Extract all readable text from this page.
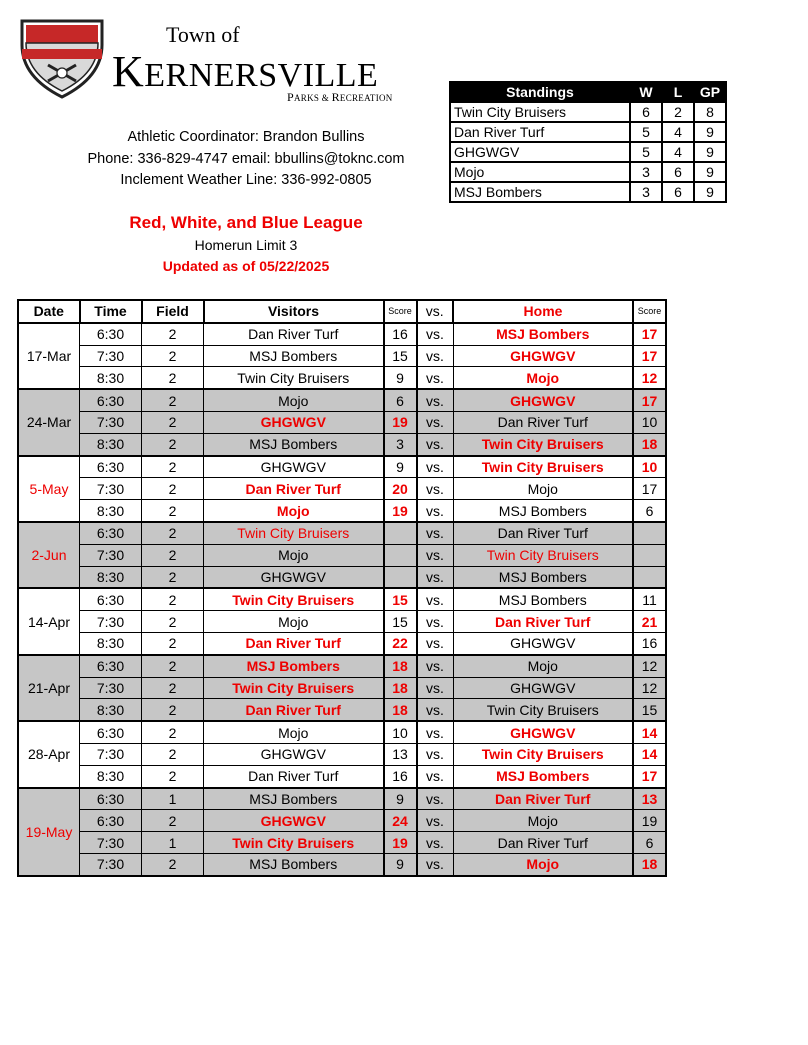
Town of
KERNERSVILLE
PARKS & RECREATION
Athletic Coordinator: Brandon Bullins
Phone: 336-829-4747 email: bbullins@toknc.com
Inclement Weather Line: 336-992-0805
Red, White, and Blue League
Homerun Limit 3
Updated as of 05/22/2025
Standings	W	L	GP
Twin City Bruisers	6	2	8
Dan River Turf	5	4	9
GHGWGV	5	4	9
Mojo	3	6	9
MSJ Bombers	3	6	9
Date	Time	Field	Visitors	Score	vs.	Home	Score
17-Mar	6:30	2	Dan River Turf	16	vs.	MSJ Bombers	17
	7:30	2	MSJ Bombers	15	vs.	GHGWGV	17
	8:30	2	Twin City Bruisers	9	vs.	Mojo	12
24-Mar	6:30	2	Mojo	6	vs.	GHGWGV	17
	7:30	2	GHGWGV	19	vs.	Dan River Turf	10
	8:30	2	MSJ Bombers	3	vs.	Twin City Bruisers	18
5-May	6:30	2	GHGWGV	9	vs.	Twin City Bruisers	10
	7:30	2	Dan River Turf	20	vs.	Mojo	17
	8:30	2	Mojo	19	vs.	MSJ Bombers	6
2-Jun	6:30	2	Twin City Bruisers		vs.	Dan River Turf	
	7:30	2	Mojo		vs.	Twin City Bruisers	
	8:30	2	GHGWGV		vs.	MSJ Bombers	
14-Apr	6:30	2	Twin City Bruisers	15	vs.	MSJ Bombers	11
	7:30	2	Mojo	15	vs.	Dan River Turf	21
	8:30	2	Dan River Turf	22	vs.	GHGWGV	16
21-Apr	6:30	2	MSJ Bombers	18	vs.	Mojo	12
	7:30	2	Twin City Bruisers	18	vs.	GHGWGV	12
	8:30	2	Dan River Turf	18	vs.	Twin City Bruisers	15
28-Apr	6:30	2	Mojo	10	vs.	GHGWGV	14
	7:30	2	GHGWGV	13	vs.	Twin City Bruisers	14
	8:30	2	Dan River Turf	16	vs.	MSJ Bombers	17
19-May	6:30	1	MSJ Bombers	9	vs.	Dan River Turf	13
	6:30	2	GHGWGV	24	vs.	Mojo	19
	7:30	1	Twin City Bruisers	19	vs.	Dan River Turf	6
	7:30	2	MSJ Bombers	9	vs.	Mojo	18
